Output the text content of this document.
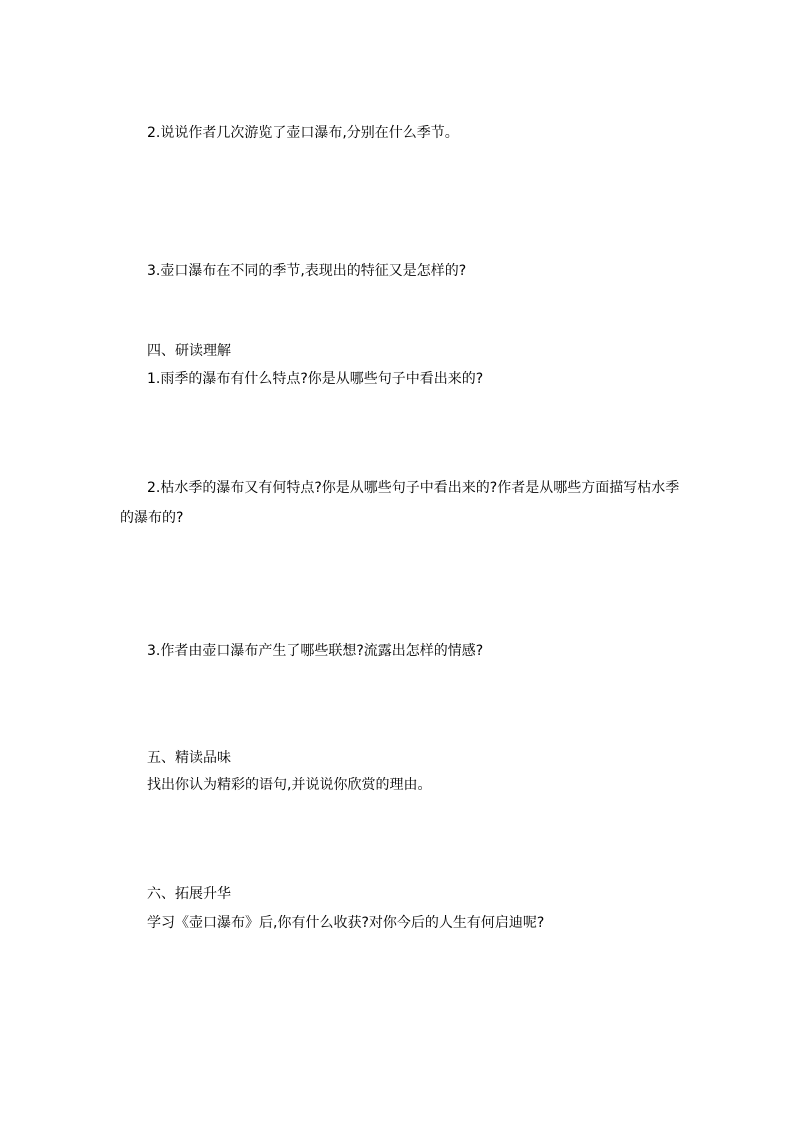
2.说说作者几次游览了壶口瀑布,分别在什么季节。
3.壶口瀑布在不同的季节,表现出的特征又是怎样的?
四、研读理解
1.雨季的瀑布有什么特点?你是从哪些句子中看出来的?
2.枯水季的瀑布又有何特点?你是从哪些句子中看出来的?作者是从哪些方面描写枯水季的瀑布的?
3.作者由壶口瀑布产生了哪些联想?流露出怎样的情感?
五、精读品味
找出你认为精彩的语句,并说说你欣赏的理由。
六、拓展升华
学习《壶口瀑布》后,你有什么收获?对你今后的人生有何启迪呢?
